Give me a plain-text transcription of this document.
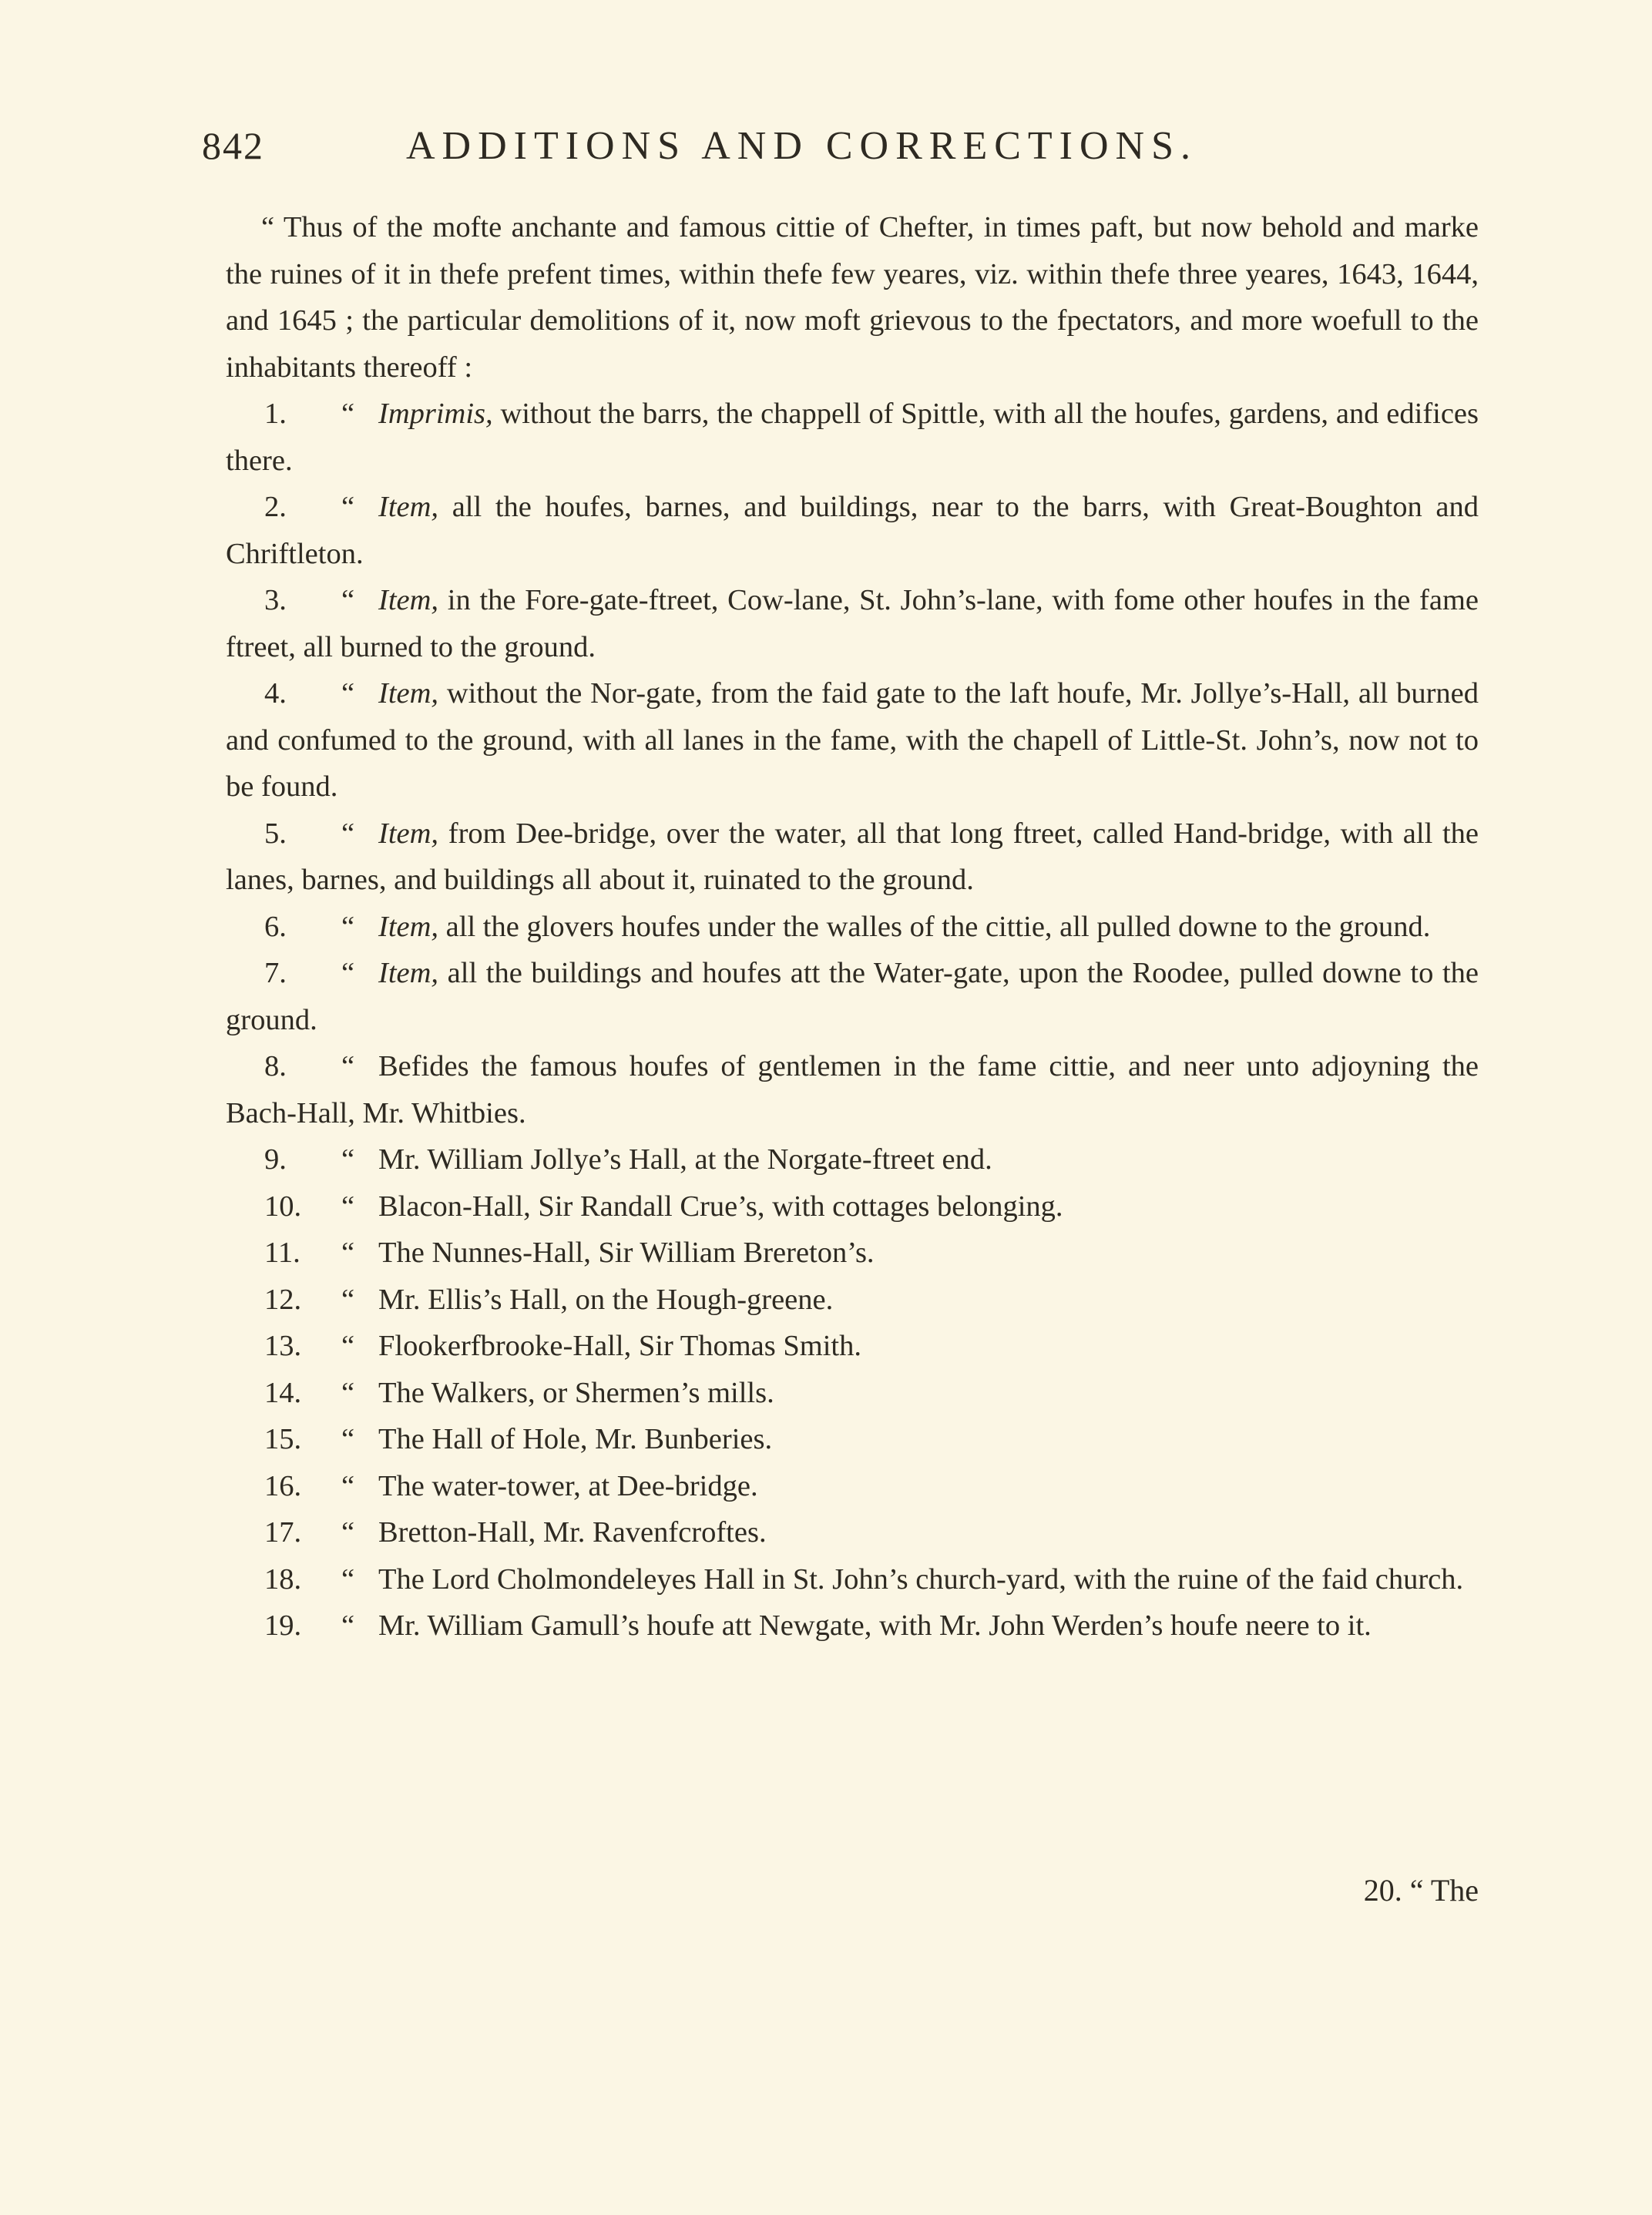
842	ADDITIONS AND CORRECTIONS.

“ Thus of the mofte anchante and famous cittie of Chefter, in times paft, but now behold and marke the ruines of it in thefe prefent times, within thefe few yeares, viz. within thefe three yeares, 1643, 1644, and 1645 ; the particular demolitions of it, now moft grievous to the fpectators, and more woefull to the inhabitants thereoff :

1. “ Imprimis, without the barrs, the chappell of Spittle, with all the houfes, gardens, and edifices there.

2. “ Item, all the houfes, barnes, and buildings, near to the barrs, with Great-Boughton and Chriftleton.

3. “ Item, in the Fore-gate-ftreet, Cow-lane, St. John’s-lane, with fome other houfes in the fame ftreet, all burned to the ground.

4. “ Item, without the Nor-gate, from the faid gate to the laft houfe, Mr. Jollye’s-Hall, all burned and confumed to the ground, with all lanes in the fame, with the chapell of Little-St. John’s, now not to be found.

5. “ Item, from Dee-bridge, over the water, all that long ftreet, called Hand-bridge, with all the lanes, barnes, and buildings all about it, ruinated to the ground.

6. “ Item, all the glovers houfes under the walles of the cittie, all pulled downe to the ground.

7. “ Item, all the buildings and houfes att the Water-gate, upon the Roodee, pulled downe to the ground.

8. “ Befides the famous houfes of gentlemen in the fame cittie, and neer unto adjoyning the Bach-Hall, Mr. Whitbies.

9. “ Mr. William Jollye’s Hall, at the Norgate-ftreet end.

10. “ Blacon-Hall, Sir Randall Crue’s, with cottages belonging.

11. “ The Nunnes-Hall, Sir William Brereton’s.

12. “ Mr. Ellis’s Hall, on the Hough-greene.

13. “ Flookerfbrooke-Hall, Sir Thomas Smith.

14. “ The Walkers, or Shermen’s mills.

15. “ The Hall of Hole, Mr. Bunberies.

16. “ The water-tower, at Dee-bridge.

17. “ Bretton-Hall, Mr. Ravenfcroftes.

18. “ The Lord Cholmondeleyes Hall in St. John’s church-yard, with the ruine of the faid church.

19. “ Mr. William Gamull’s houfe att Newgate, with Mr. John Werden’s houfe neere to it.

20. “ The
